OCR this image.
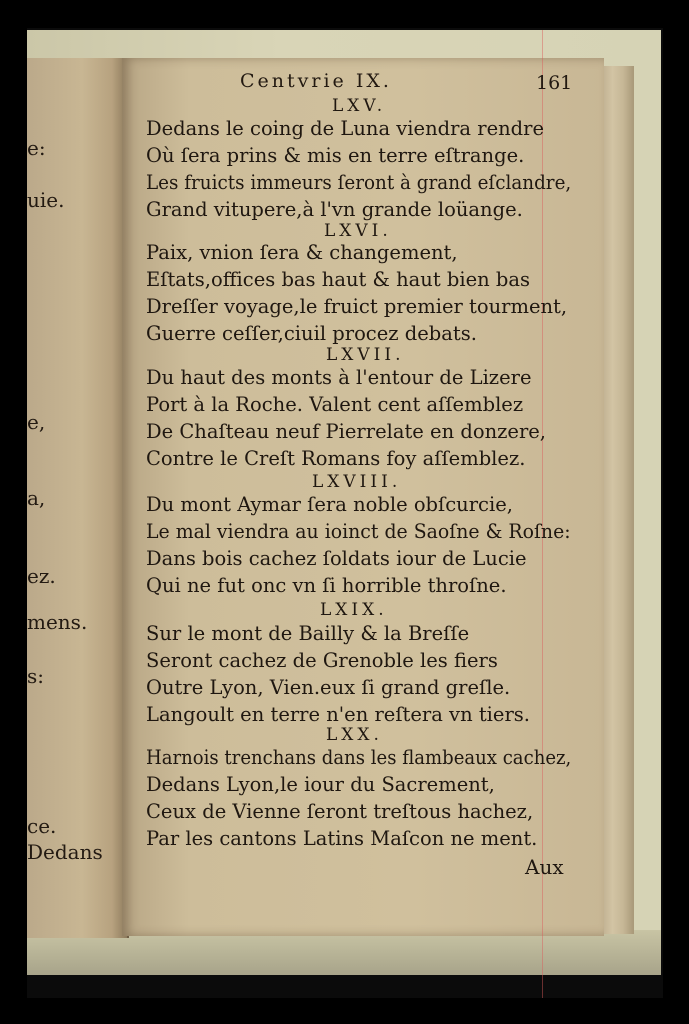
e:
uie.
e,
a,
ez.
mens.
s:
ce.
Dedans
Centvrie IX.	161
LXV.
Dedans le coing de Luna viendra rendre
Où ſera prins & mis en terre eſtrange.
Les fruicts immeurs ſeront à grand eſclandre,
Grand vitupere,à l'vn grande loüange.
LXVI.
Paix, vnion ſera & changement,
Eſtats,offices bas haut & haut bien bas
Dreſſer voyage,le fruict premier tourment,
Guerre ceſſer,ciuil procez debats.
LXVII.
Du haut des monts à l'entour de Lizere
Port à la Roche. Valent cent aſſemblez
De Chaſteau neuf Pierrelate en donzere,
Contre le Creſt Romans foy aſſemblez.
LXVIII.
Du mont Aymar ſera noble obſcurcie,
Le mal viendra au ioinct de Saoſne & Roſne:
Dans bois cachez ſoldats iour de Lucie
Qui ne fut onc vn ſi horrible throſne.
LXIX.
Sur le mont de Bailly & la Breſſe
Seront cachez de Grenoble les fiers
Outre Lyon, Vien.eux ſi grand greſle.
Langoult en terre n'en reſtera vn tiers.
LXX.
Harnois trenchans dans les flambeaux cachez,
Dedans Lyon,le iour du Sacrement,
Ceux de Vienne ſeront treſtous hachez,
Par les cantons Latins Maſcon ne ment.
Aux
